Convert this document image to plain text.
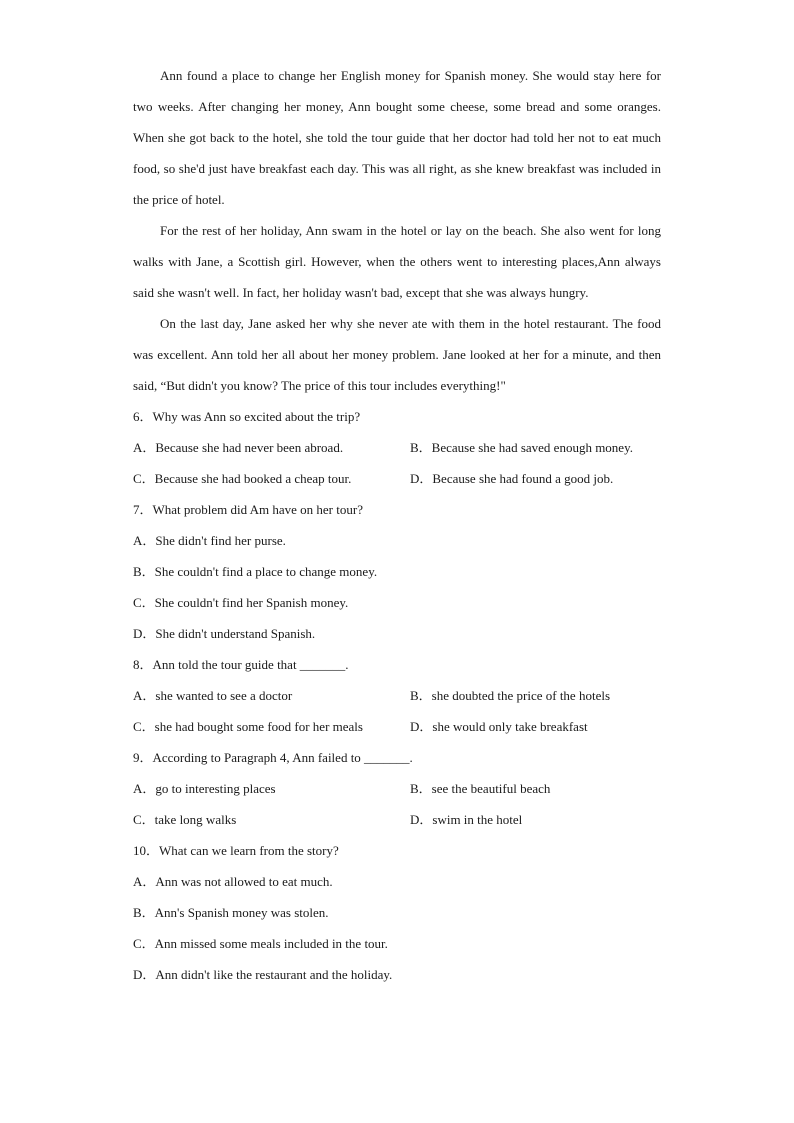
Ann found a place to change her English money for Spanish money. She would stay here for two weeks. After changing her money, Ann bought some cheese, some bread and some oranges. When she got back to the hotel, she told the tour guide that her doctor had told her not to eat much food, so she'd just have breakfast each day. This was all right, as she knew breakfast was included in the price of hotel.

For the rest of her holiday, Ann swam in the hotel or lay on the beach. She also went for long walks with Jane, a Scottish girl. However, when the others went to interesting places,Ann always said she wasn't well. In fact, her holiday wasn't bad, except that she was always hungry.

On the last day, Jane asked her why she never ate with them in the hotel restaurant. The food was excellent. Ann told her all about her money problem. Jane looked at her for a minute, and then said, “But didn't you know? The price of this tour includes everything!"

6．Why was Ann so excited about the trip?

A．Because she had never been abroad.	B．Because she had saved enough money.

C．Because she had booked a cheap tour.	D．Because she had found a good job.

7．What problem did Am have on her tour?

A．She didn't find her purse.

B．She couldn't find a place to change money.

C．She couldn't find her Spanish money.

D．She didn't understand Spanish.

8．Ann told the tour guide that _______.

A．she wanted to see a doctor	B．she doubted the price of the hotels

C．she had bought some food for her meals	D．she would only take breakfast

9．According to Paragraph 4, Ann failed to _______.

A．go to interesting places	B．see the beautiful beach

C．take long walks	D．swim in the hotel

10．What can we learn from the story?

A．Ann was not allowed to eat much.

B．Ann's Spanish money was stolen.

C．Ann missed some meals included in the tour.

D．Ann didn't like the restaurant and the holiday.
